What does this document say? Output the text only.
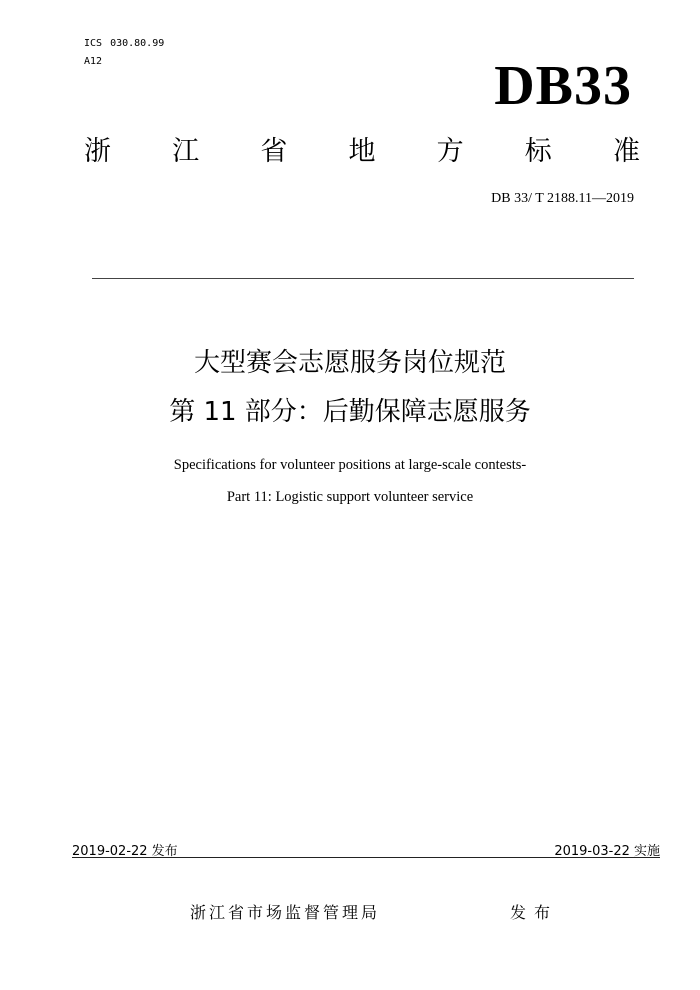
ICS 030.80.99
A12	DB33
浙 江 省 地 方 标 准
DB 33/ T 2188.11—2019
大型赛会志愿服务岗位规范
第 11 部分：后勤保障志愿服务
Specifications for volunteer positions at large-scale contests-
Part 11: Logistic support volunteer service
2019-02-22 发布	2019-03-22 实施
浙江省市场监督管理局	发布
